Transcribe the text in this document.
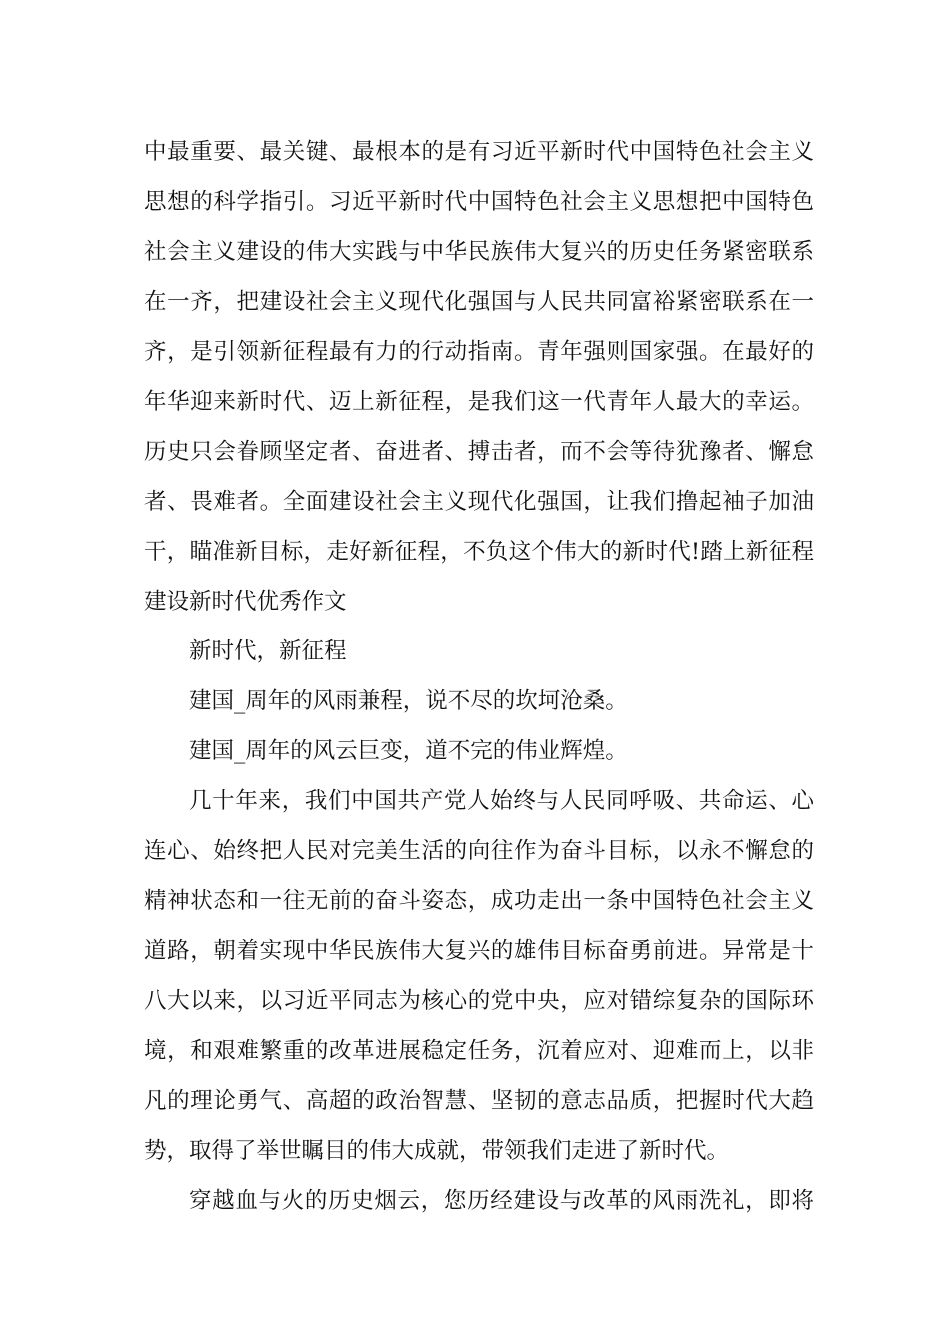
中最重要、最关键、最根本的是有习近平新时代中国特色社会主义
思想的科学指引。习近平新时代中国特色社会主义思想把中国特色
社会主义建设的伟大实践与中华民族伟大复兴的历史任务紧密联系
在一齐，把建设社会主义现代化强国与人民共同富裕紧密联系在一
齐，是引领新征程最有力的行动指南。青年强则国家强。在最好的
年华迎来新时代、迈上新征程，是我们这一代青年人最大的幸运。
历史只会眷顾坚定者、奋进者、搏击者，而不会等待犹豫者、懈怠
者、畏难者。全面建设社会主义现代化强国，让我们撸起袖子加油
干，瞄准新目标，走好新征程，不负这个伟大的新时代!踏上新征程
建设新时代优秀作文
新时代，新征程
建国_周年的风雨兼程，说不尽的坎坷沧桑。
建国_周年的风云巨变，道不完的伟业辉煌。
几十年来，我们中国共产党人始终与人民同呼吸、共命运、心
连心、始终把人民对完美生活的向往作为奋斗目标，以永不懈怠的
精神状态和一往无前的奋斗姿态，成功走出一条中国特色社会主义
道路，朝着实现中华民族伟大复兴的雄伟目标奋勇前进。异常是十
八大以来，以习近平同志为核心的党中央，应对错综复杂的国际环
境，和艰难繁重的改革进展稳定任务，沉着应对、迎难而上，以非
凡的理论勇气、高超的政治智慧、坚韧的意志品质，把握时代大趋
势，取得了举世瞩目的伟大成就，带领我们走进了新时代。
穿越血与火的历史烟云，您历经建设与改革的风雨洗礼，即将
